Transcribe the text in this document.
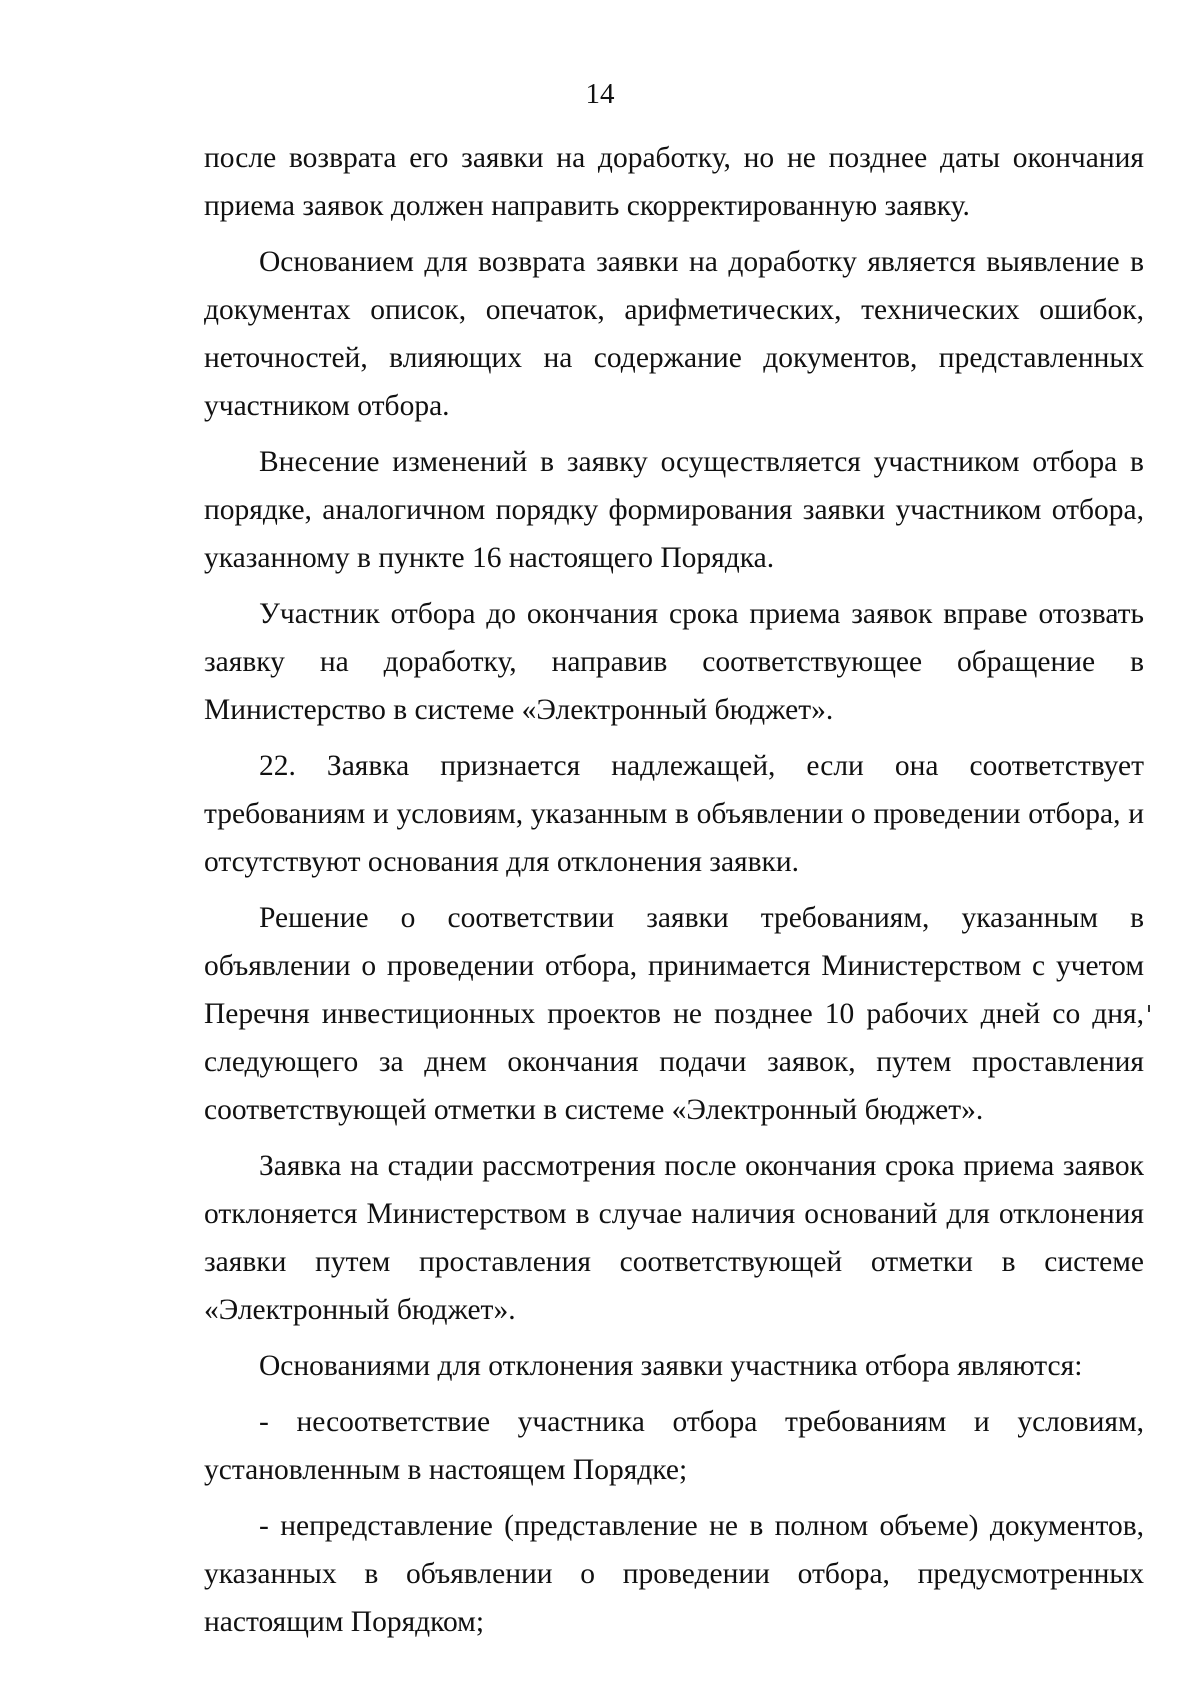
14

после возврата его заявки на доработку, но не позднее даты окончания приема заявок должен направить скорректированную заявку.

Основанием для возврата заявки на доработку является выявление в документах описок, опечаток, арифметических, технических ошибок, неточностей, влияющих на содержание документов, представленных участником отбора.

Внесение изменений в заявку осуществляется участником отбора в порядке, аналогичном порядку формирования заявки участником отбора, указанному в пункте 16 настоящего Порядка.

Участник отбора до окончания срока приема заявок вправе отозвать заявку на доработку, направив соответствующее обращение в Министерство в системе «Электронный бюджет».

22. Заявка признается надлежащей, если она соответствует требованиям и условиям, указанным в объявлении о проведении отбора, и отсутствуют основания для отклонения заявки.

Решение о соответствии заявки требованиям, указанным в объявлении о проведении отбора, принимается Министерством с учетом Перечня инвестиционных проектов не позднее 10 рабочих дней со дня, следующего за днем окончания подачи заявок, путем проставления соответствующей отметки в системе «Электронный бюджет».

Заявка на стадии рассмотрения после окончания срока приема заявок отклоняется Министерством в случае наличия оснований для отклонения заявки путем проставления соответствующей отметки в системе «Электронный бюджет».

Основаниями для отклонения заявки участника отбора являются:

- несоответствие участника отбора требованиям и условиям, установленным в настоящем Порядке;

- непредставление (представление не в полном объеме) документов, указанных в объявлении о проведении отбора, предусмотренных настоящим Порядком;
